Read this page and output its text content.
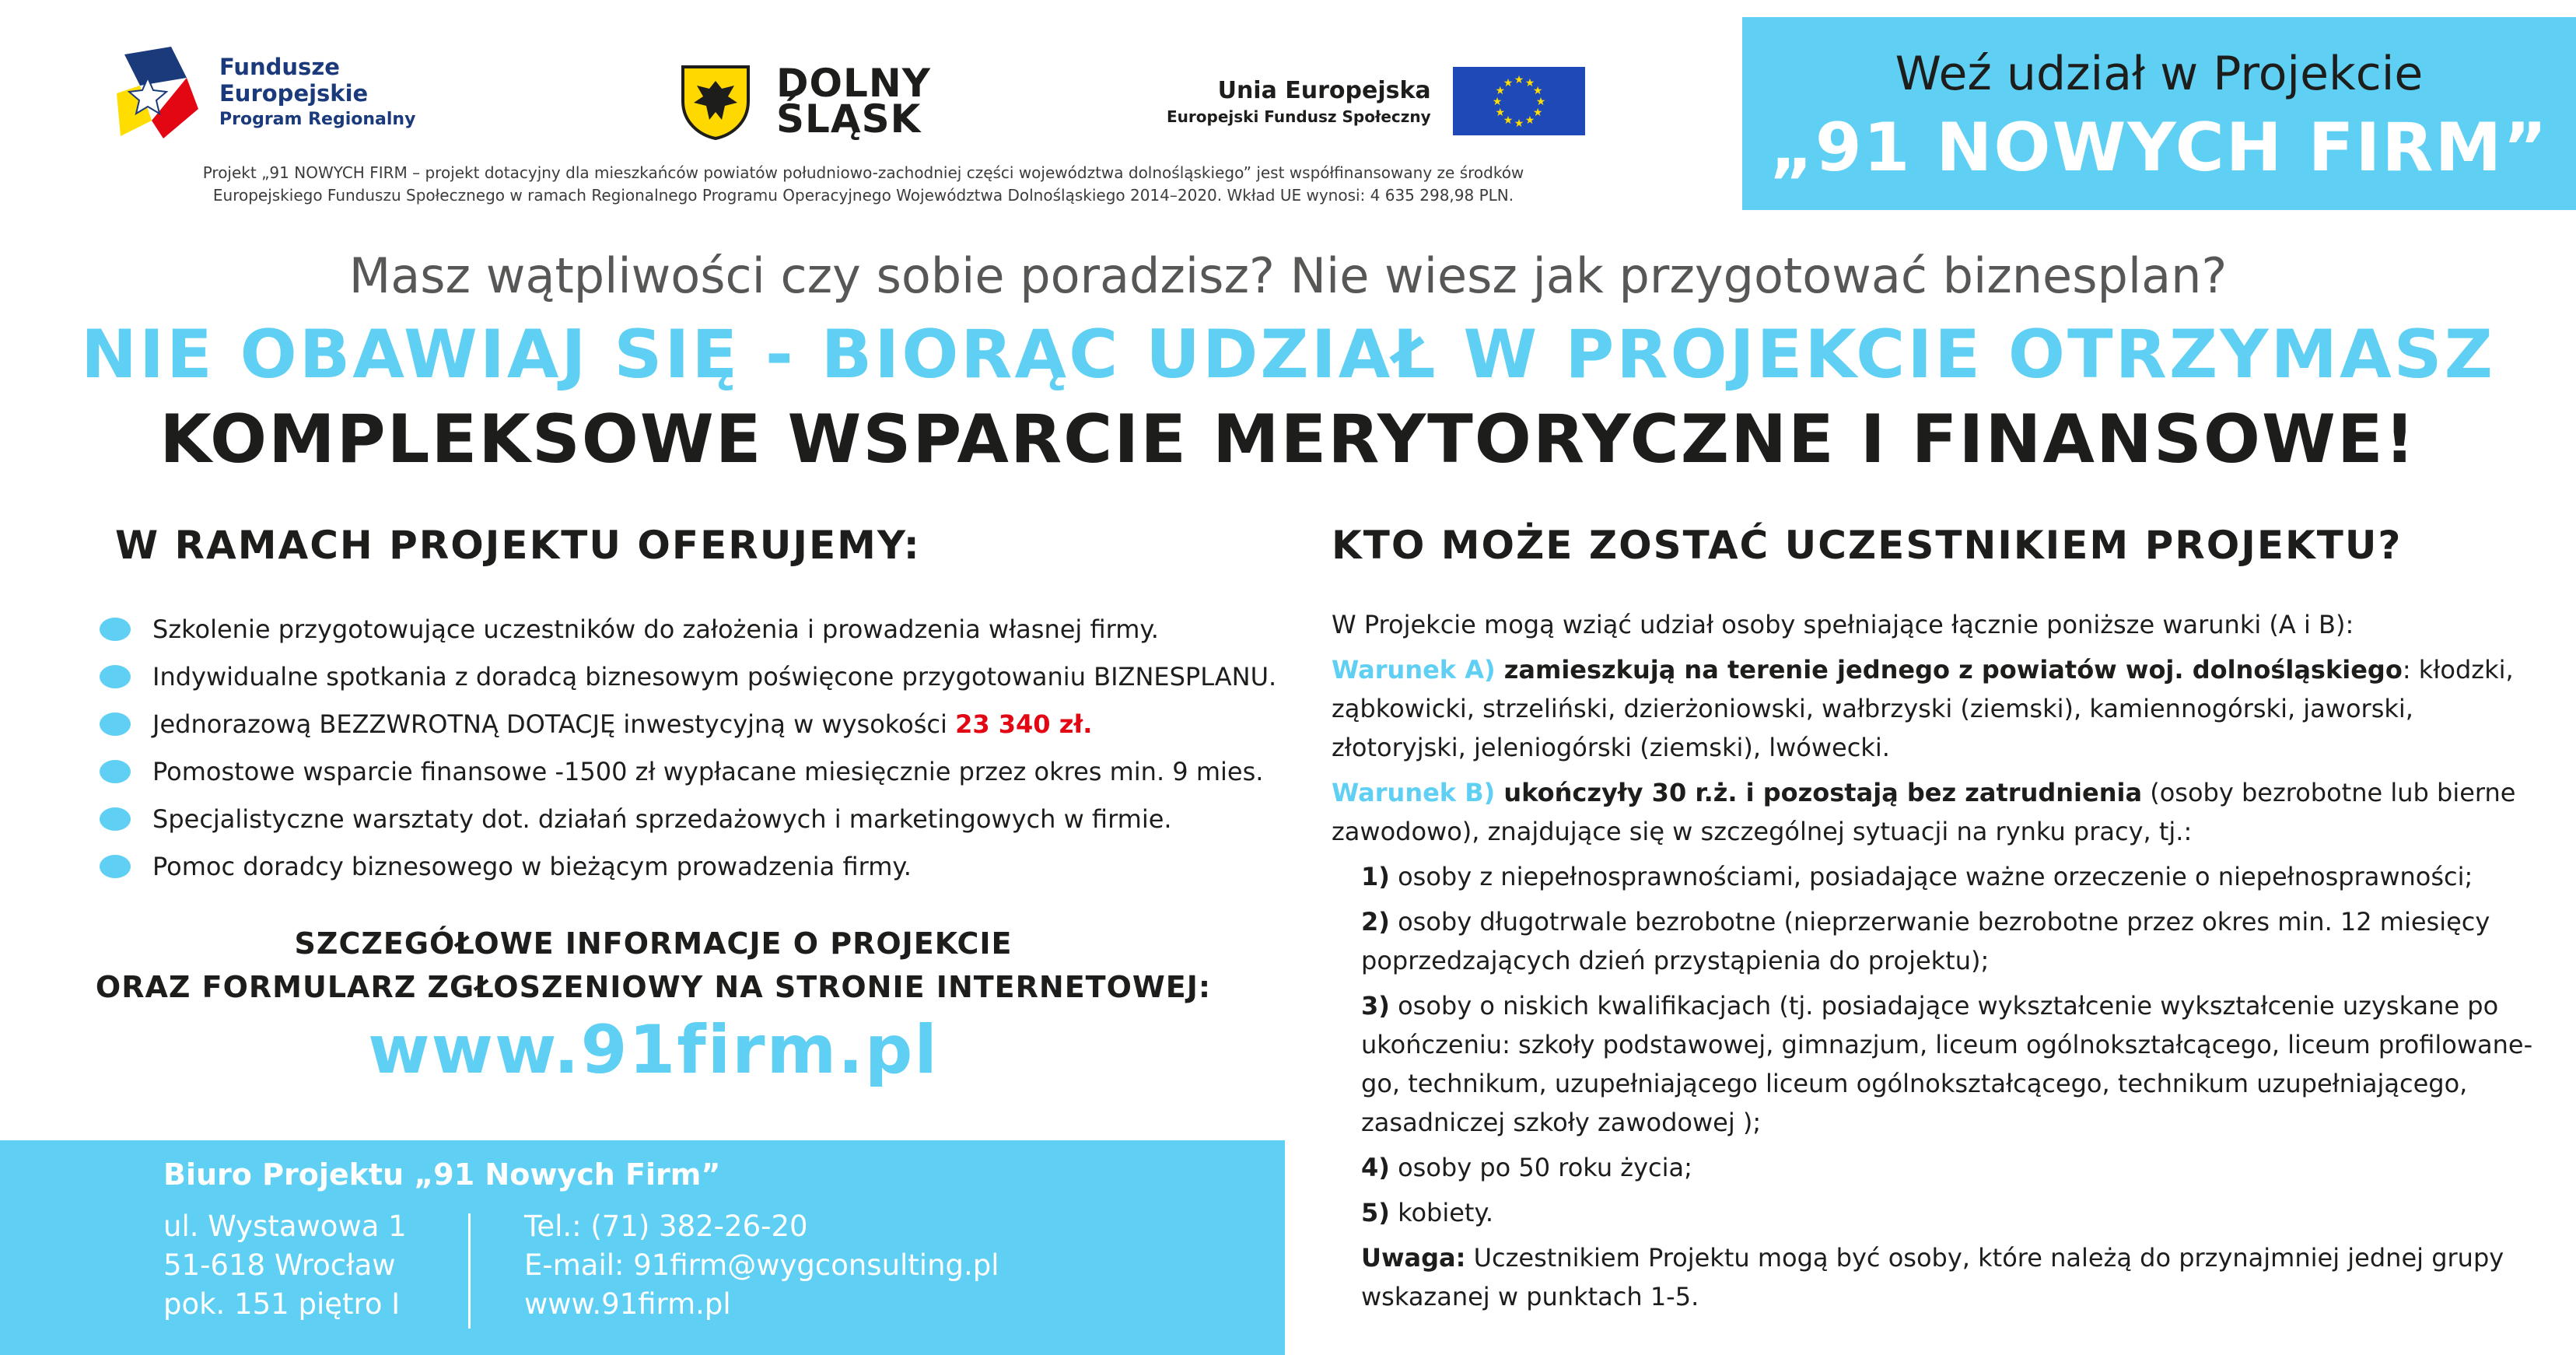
Fundusze
Europejskie
Program Regionalny
DOLNY
ŚLĄSK
Unia Europejska
Europejski Fundusz Społeczny
★ ★
★
★
★
★
★
★
★
★
★
★
Projekt „91 NOWYCH FIRM – projekt dotacyjny dla mieszkańców powiatów południowo-zachodniej części województwa dolnośląskiego” jest współfinansowany ze środków
Europejskiego Funduszu Społecznego w ramach Regionalnego Programu Operacyjnego Województwa Dolnośląskiego 2014–2020. Wkład UE wynosi: 4 635 298,98 PLN.
Weź udział w Projekcie
„91 NOWYCH FIRM”
Masz wątpliwości czy sobie poradzisz? Nie wiesz jak przygotować biznesplan?
NIE OBAWIAJ SIĘ - BIORĄC UDZIAŁ W PROJEKCIE OTRZYMASZ
KOMPLEKSOWE WSPARCIE MERYTORYCZNE I FINANSOWE!
W RAMACH PROJEKTU OFERUJEMY:
Szkolenie przygotowujące uczestników do założenia i prowadzenia własnej firmy.
Indywidualne spotkania z doradcą biznesowym poświęcone przygotowaniu BIZNESPLANU.
Jednorazową BEZZWROTNĄ DOTACJĘ inwestycyjną w wysokości 23 340 zł.
Pomostowe wsparcie finansowe -1500 zł wypłacane miesięcznie przez okres min. 9 mies.
Specjalistyczne warsztaty dot. działań sprzedażowych i marketingowych w firmie.
Pomoc doradcy biznesowego w bieżącym prowadzenia firmy.
SZCZEGÓŁOWE INFORMACJE O PROJEKCIE
ORAZ FORMULARZ ZGŁOSZENIOWY NA STRONIE INTERNETOWEJ:
www.91firm.pl
Biuro Projektu „91 Nowych Firm”
ul. Wystawowa 1
51-618 Wrocław
pok. 151 piętro I
Tel.: (71) 382-26-20
E-mail: 91firm@wygconsulting.pl
www.91firm.pl
KTO MOŻE ZOSTAĆ UCZESTNIKIEM PROJEKTU?
W Projekcie mogą wziąć udział osoby spełniające łącznie poniższe warunki (A i B):
Warunek A) zamieszkują na terenie jednego z powiatów woj. dolnośląskiego: kłodzki, ząbkowicki, strzeliński, dzierżoniowski, wałbrzyski (ziemski), kamiennogórski, jaworski, złotoryjski, jeleniogórski (ziemski), lwówecki.
Warunek B) ukończyły 30 r.ż. i pozostają bez zatrudnienia (osoby bezrobotne lub bierne zawodowo), znajdujące się w szczególnej sytuacji na rynku pracy, tj.:
1) osoby z niepełnosprawnościami, posiadające ważne orzeczenie o niepełnosprawności;
2) osoby długotrwale bezrobotne (nieprzerwanie bezrobotne przez okres min. 12 miesięcy poprzedzających dzień przystąpienia do projektu);
3) osoby o niskich kwalifikacjach (tj. posiadające wykształcenie wykształcenie uzyskane po ukończeniu: szkoły podstawowej, gimnazjum, liceum ogólnokształcącego, liceum profilowane-go, technikum, uzupełniającego liceum ogólnokształcącego, technikum uzupełniającego, zasadniczej szkoły zawodowej );
4) osoby po 50 roku życia;
5) kobiety.
Uwaga: Uczestnikiem Projektu mogą być osoby, które należą do przynajmniej jednej grupy wskazanej w punktach 1-5.
